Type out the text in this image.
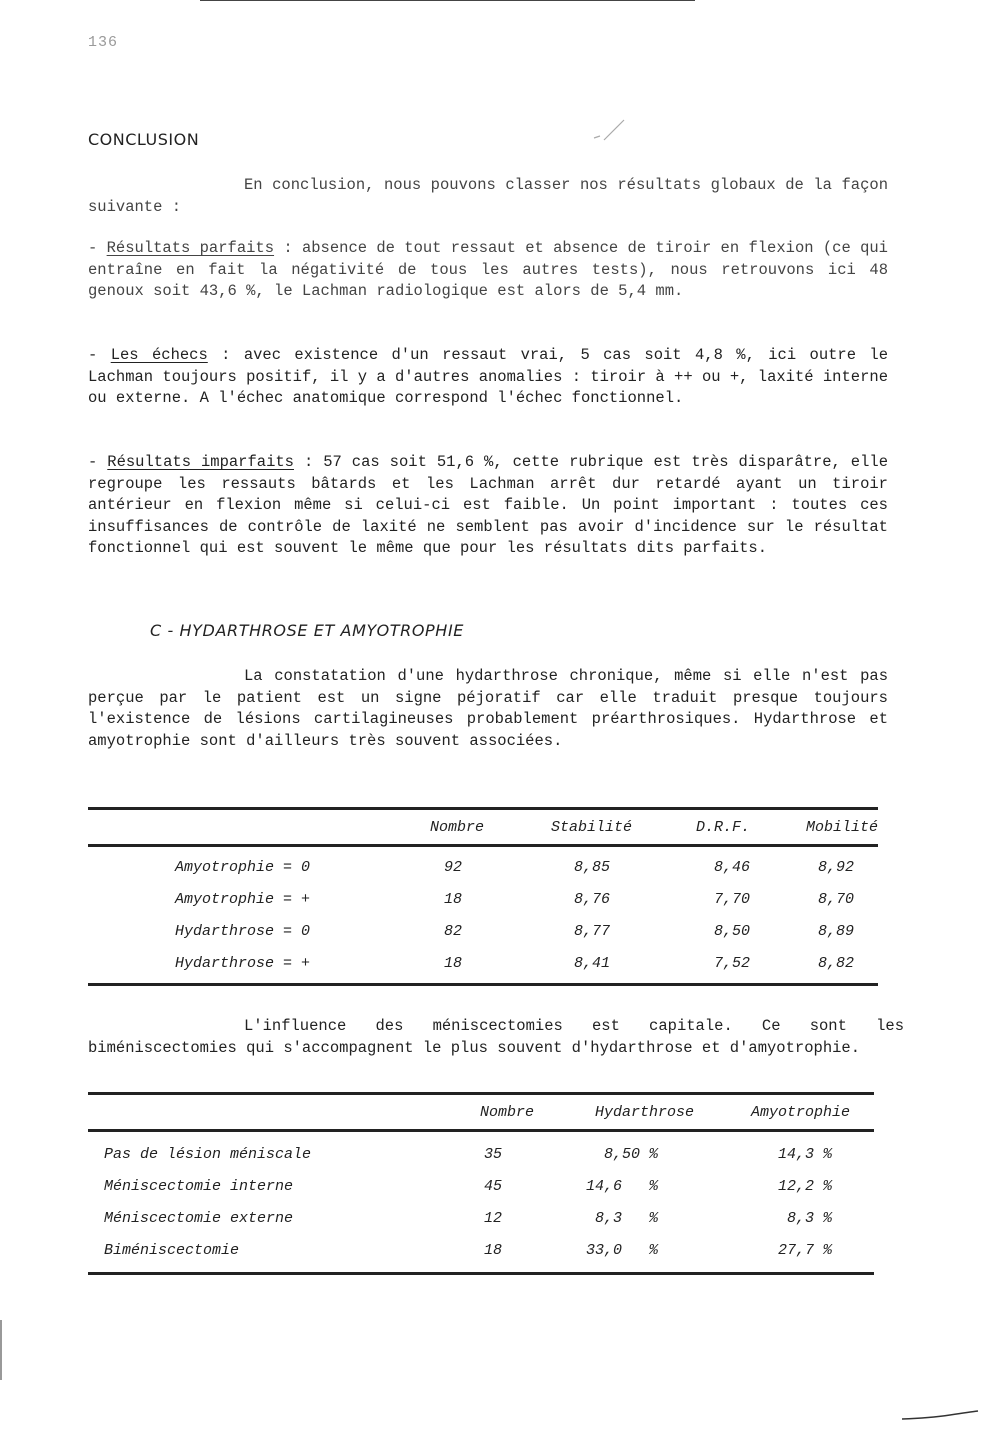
136
CONCLUSION
En conclusion, nous pouvons classer nos résultats globaux de la façon suivante :
- Résultats parfaits : absence de tout ressaut et absence de tiroir en flexion (ce qui entraîne en fait la négativité de tous les autres tests), nous retrouvons ici 48 genoux soit 43,6 %, le Lachman radiologique est alors de 5,4 mm.
- Les échecs : avec existence d'un ressaut vrai, 5 cas soit 4,8 %, ici outre le Lachman toujours positif, il y a d'autres anomalies : tiroir à ++ ou +, laxité interne ou externe. A l'échec anatomique correspond l'échec fonctionnel.
- Résultats imparfaits : 57 cas soit 51,6 %, cette rubrique est très disparâtre, elle regroupe les ressauts bâtards et les Lachman arrêt dur retardé ayant un tiroir antérieur en flexion même si celui-ci est faible. Un point important : toutes ces insuffisances de contrôle de laxité ne semblent pas avoir d'incidence sur le résultat fonctionnel qui est souvent le même que pour les résultats dits parfaits.
C - HYDARTHROSE ET AMYOTROPHIE
La constatation d'une hydarthrose chronique, même si elle n'est pas perçue par le patient est un signe péjoratif car elle traduit presque toujours l'existence de lésions cartilagineuses probablement préarthrosiques. Hydarthrose et amyotrophie sont d'ailleurs très souvent associées.
	Nombre	Stabilité	D.R.F.	Mobilité
Amyotrophie = 0	92	8,85	8,46	8,92
Amyotrophie = +	18	8,76	7,70	8,70
Hydarthrose = 0	82	8,77	8,50	8,89
Hydarthrose = +	18	8,41	7,52	8,82
L'influence des méniscectomies est capitale. Ce sont les biméniscectomies qui s'accompagnent le plus souvent d'hydarthrose et d'amyotrophie.
	Nombre	Hydarthrose	Amyotrophie
Pas de lésion méniscale	35	8,50 %	14,3 %
Méniscectomie interne	45	14,6   %	12,2 %
Méniscectomie externe	12	8,3   %	8,3 %
Biméniscectomie	18	33,0   %	27,7 %
